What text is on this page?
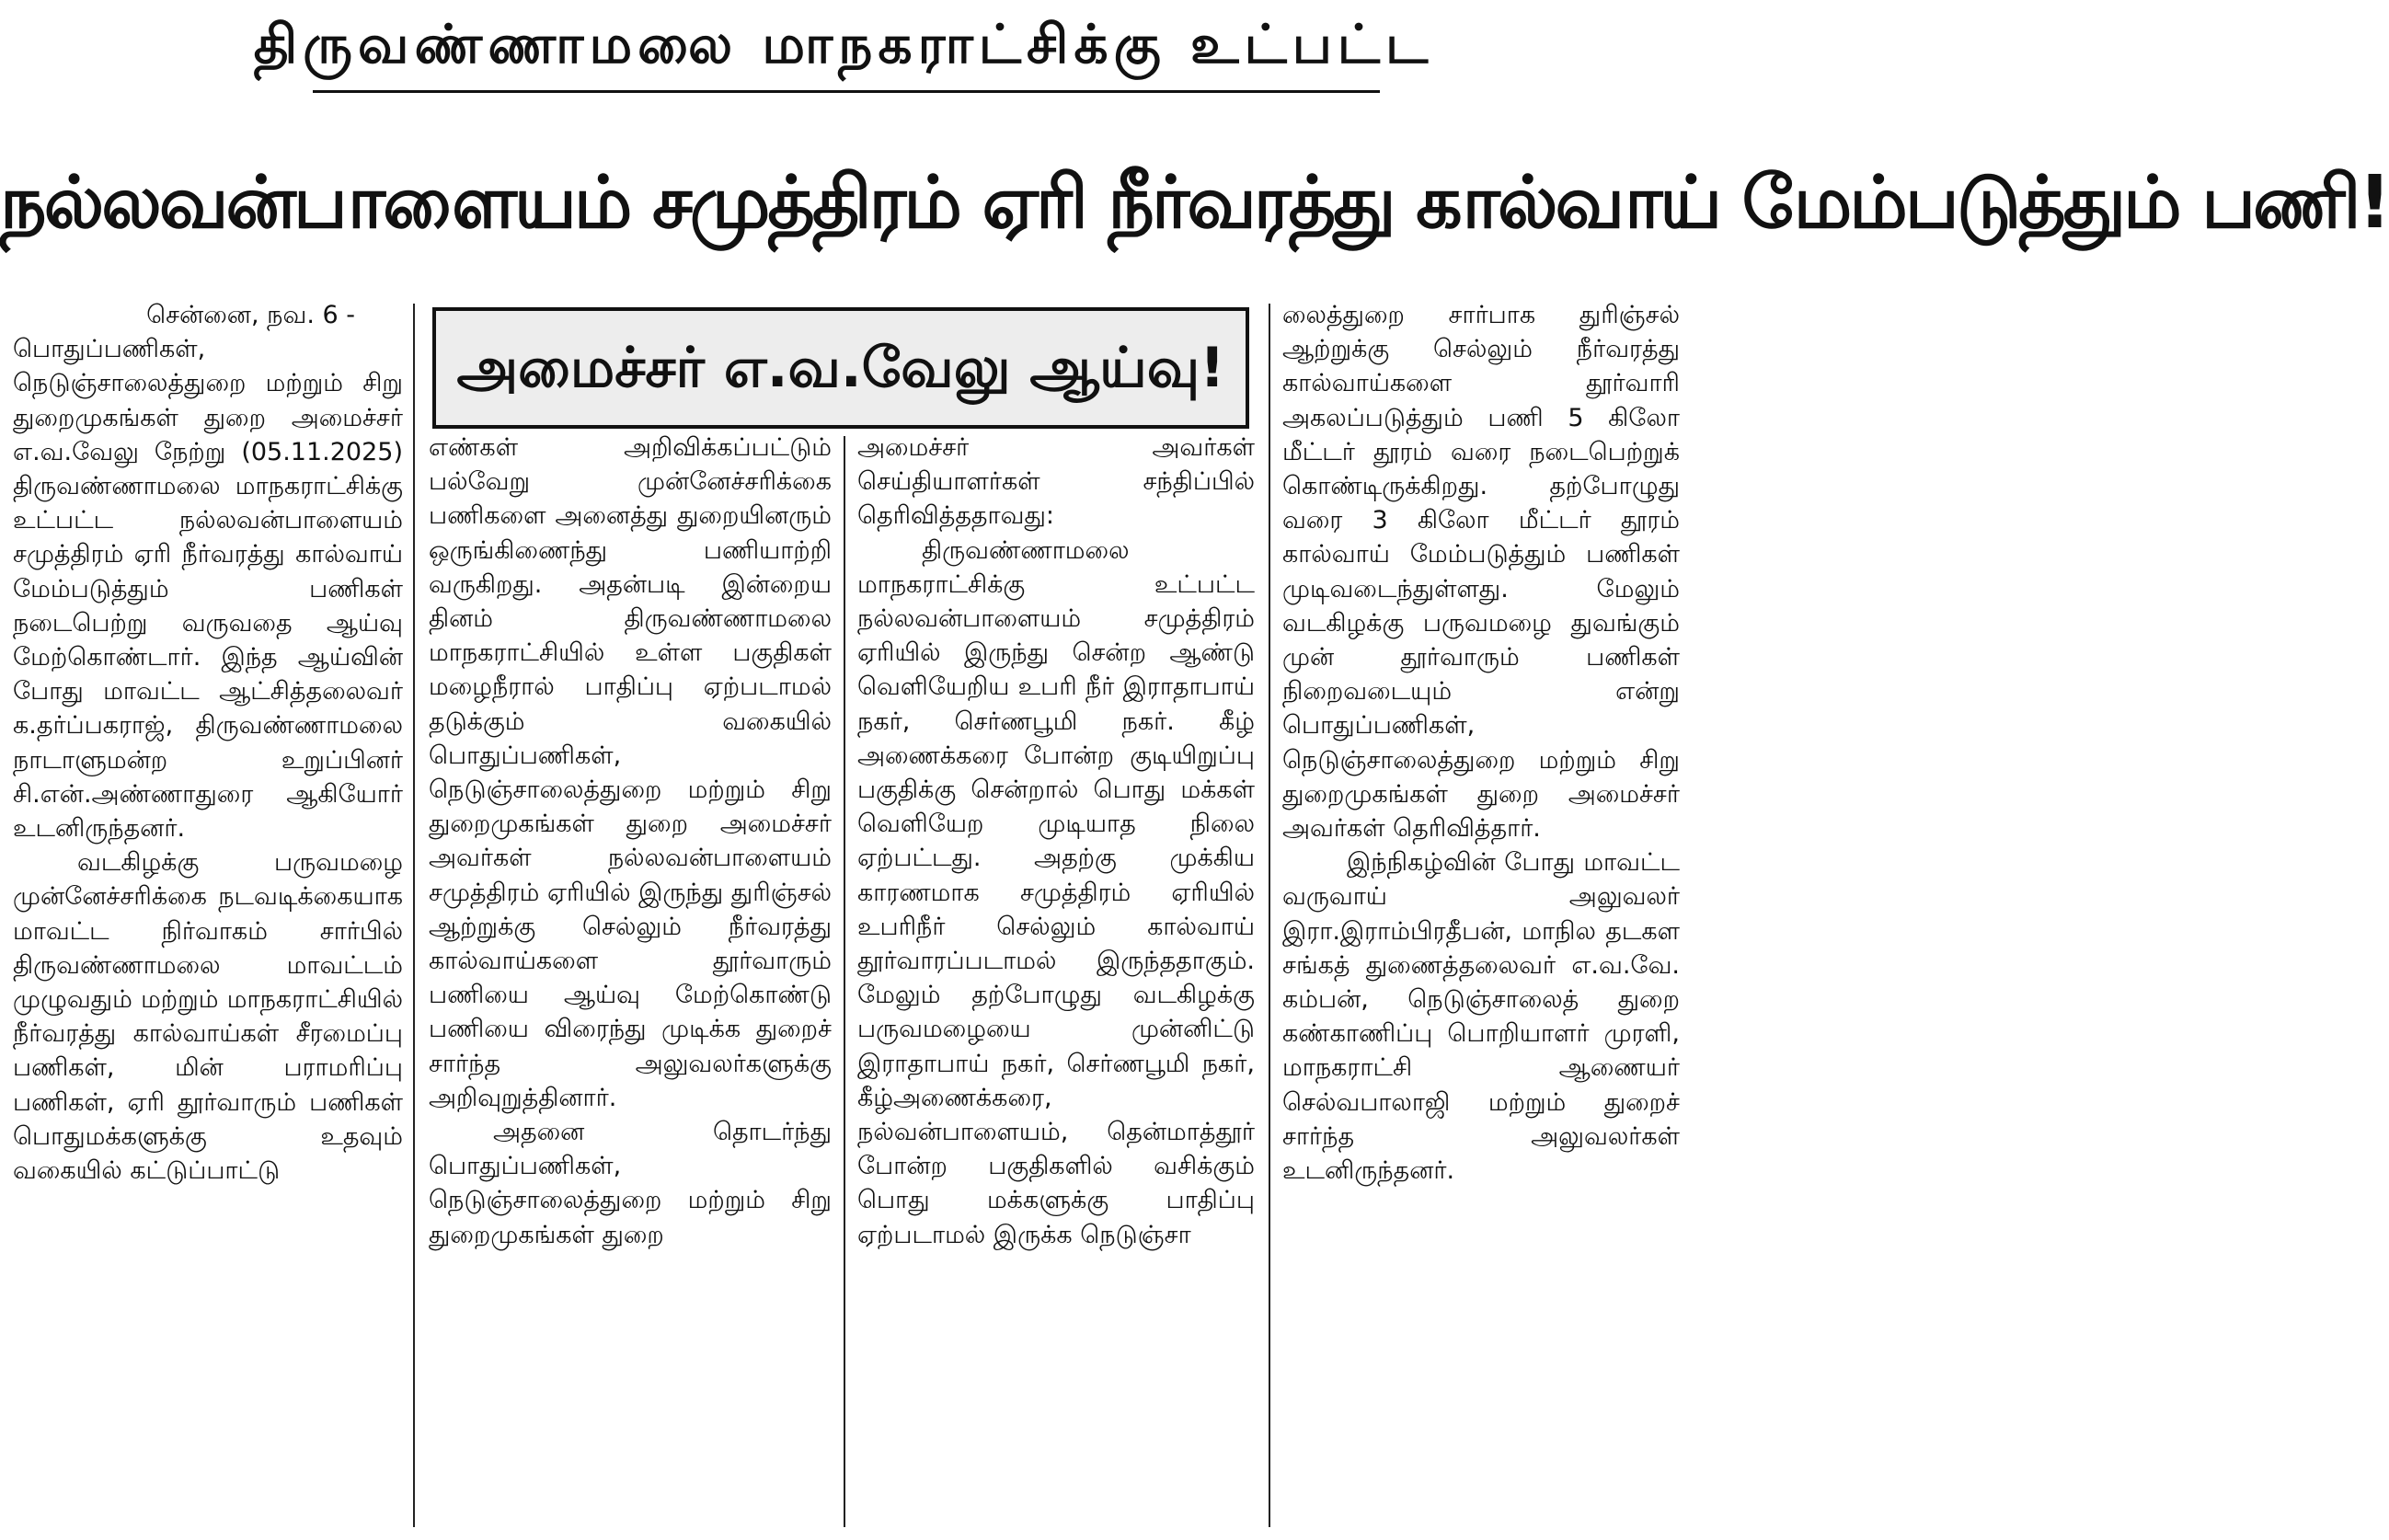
திருவண்ணாமலை மாநகராட்சிக்கு உட்பட்ட
நல்லவன்பாளையம் சமுத்திரம் ஏரி நீர்வரத்து கால்வாய் மேம்படுத்தும் பணி!
அமைச்சர் எ.வ.வேலு ஆய்வு!

சென்னை, நவ. 6 -

பொதுப்பணிகள், நெடுஞ்சாலைத்துறை மற்றும் சிறு துறைமுகங்கள் துறை அமைச்சர் எ.வ.வேலு நேற்று (05.11.2025) திருவண்ணாமலை மாநகராட்சிக்கு உட்பட்ட நல்லவன்பாளையம் சமுத்திரம் ஏரி நீர்வரத்து கால்வாய் மேம்படுத்தும் பணிகள் நடைபெற்று வருவதை ஆய்வு மேற்கொண்டார். இந்த ஆய்வின் போது மாவட்ட ஆட்சித்தலைவர் க.தர்ப்பகராஜ், திருவண்ணாமலை நாடாளுமன்ற உறுப்பினர் சி.என்.அண்ணாதுரை ஆகியோர் உடனிருந்தனர்.

வடகிழக்கு பருவமழை முன்னேச்சரிக்கை நடவடிக்கையாக மாவட்ட நிர்வாகம் சார்பில் திருவண்ணாமலை மாவட்டம் முழுவதும் மற்றும் மாநகராட்சியில் நீர்வரத்து கால்வாய்கள் சீரமைப்பு பணிகள், மின் பராமரிப்பு பணிகள், ஏரி தூர்வாரும் பணிகள் பொதுமக்களுக்கு உதவும் வகையில் கட்டுப்பாட்டு

எண்கள் அறிவிக்கப்பட்டும் பல்வேறு முன்னேச்சரிக்கை பணிகளை அனைத்து துறையினரும் ஒருங்கிணைந்து பணியாற்றி வருகிறது. அதன்படி இன்றைய தினம் திருவண்ணாமலை மாநகராட்சியில் உள்ள பகுதிகள் மழைநீரால் பாதிப்பு ஏற்படாமல் தடுக்கும் வகையில் பொதுப்பணிகள், நெடுஞ்சாலைத்துறை மற்றும் சிறு துறைமுகங்கள் துறை அமைச்சர் அவர்கள் நல்லவன்பாளையம் சமுத்திரம் ஏரியில் இருந்து துரிஞ்சல் ஆற்றுக்கு செல்லும் நீர்வரத்து கால்வாய்களை தூர்வாரும் பணியை ஆய்வு மேற்கொண்டு பணியை விரைந்து முடிக்க துறைச் சார்ந்த அலுவலர்களுக்கு அறிவுறுத்தினார்.

அதனை தொடர்ந்து பொதுப்பணிகள், நெடுஞ்சாலைத்துறை மற்றும் சிறு துறைமுகங்கள் துறை

அமைச்சர் அவர்கள் செய்தியாளர்கள் சந்திப்பில் தெரிவித்ததாவது:

திருவண்ணாமலை மாநகராட்சிக்கு உட்பட்ட நல்லவன்பாளையம் சமுத்திரம் ஏரியில் இருந்து சென்ற ஆண்டு வெளியேறிய உபரி நீர் இராதாபாய் நகர், செர்ணபூமி நகர். கீழ் அணைக்கரை போன்ற குடியிறுப்பு பகுதிக்கு சென்றால் பொது மக்கள் வெளியேற முடியாத நிலை ஏற்பட்டது. அதற்கு முக்கிய காரணமாக சமுத்திரம் ஏரியில் உபரிநீர் செல்லும் கால்வாய் தூர்வாரப்படாமல் இருந்ததாகும். மேலும் தற்போழுது வடகிழக்கு பருவமழையை முன்னிட்டு இராதாபாய் நகர், செர்ணபூமி நகர், கீழ்அணைக்கரை, நல்வன்பாளையம், தென்மாத்தூர் போன்ற பகுதிகளில் வசிக்கும் பொது மக்களுக்கு பாதிப்பு ஏற்படாமல் இருக்க நெடுஞ்சா

லைத்துறை சார்பாக துரிஞ்சல் ஆற்றுக்கு செல்லும் நீர்வரத்து கால்வாய்களை தூர்வாரி அகலப்படுத்தும் பணி 5 கிலோ மீட்டர் தூரம் வரை நடைபெற்றுக் கொண்டிருக்கிறது. தற்போழுது வரை 3 கிலோ மீட்டர் தூரம் கால்வாய் மேம்படுத்தும் பணிகள் முடிவடைந்துள்ளது. மேலும் வடகிழக்கு பருவமழை துவங்கும் முன் தூர்வாரும் பணிகள் நிறைவடையும் என்று பொதுப்பணிகள், நெடுஞ்சாலைத்துறை மற்றும் சிறு துறைமுகங்கள் துறை அமைச்சர் அவர்கள் தெரிவித்தார்.

இந்நிகழ்வின் போது மாவட்ட வருவாய் அலுவலர் இரா.இராம்பிரதீபன், மாநில தடகள சங்கத் துணைத்தலைவர் எ.வ.வே. கம்பன், நெடுஞ்சாலைத் துறை கண்காணிப்பு பொறியாளர் முரளி, மாநகராட்சி ஆணையர் செல்வபாலாஜி மற்றும் துறைச் சார்ந்த அலுவலர்கள் உடனிருந்தனர்.
